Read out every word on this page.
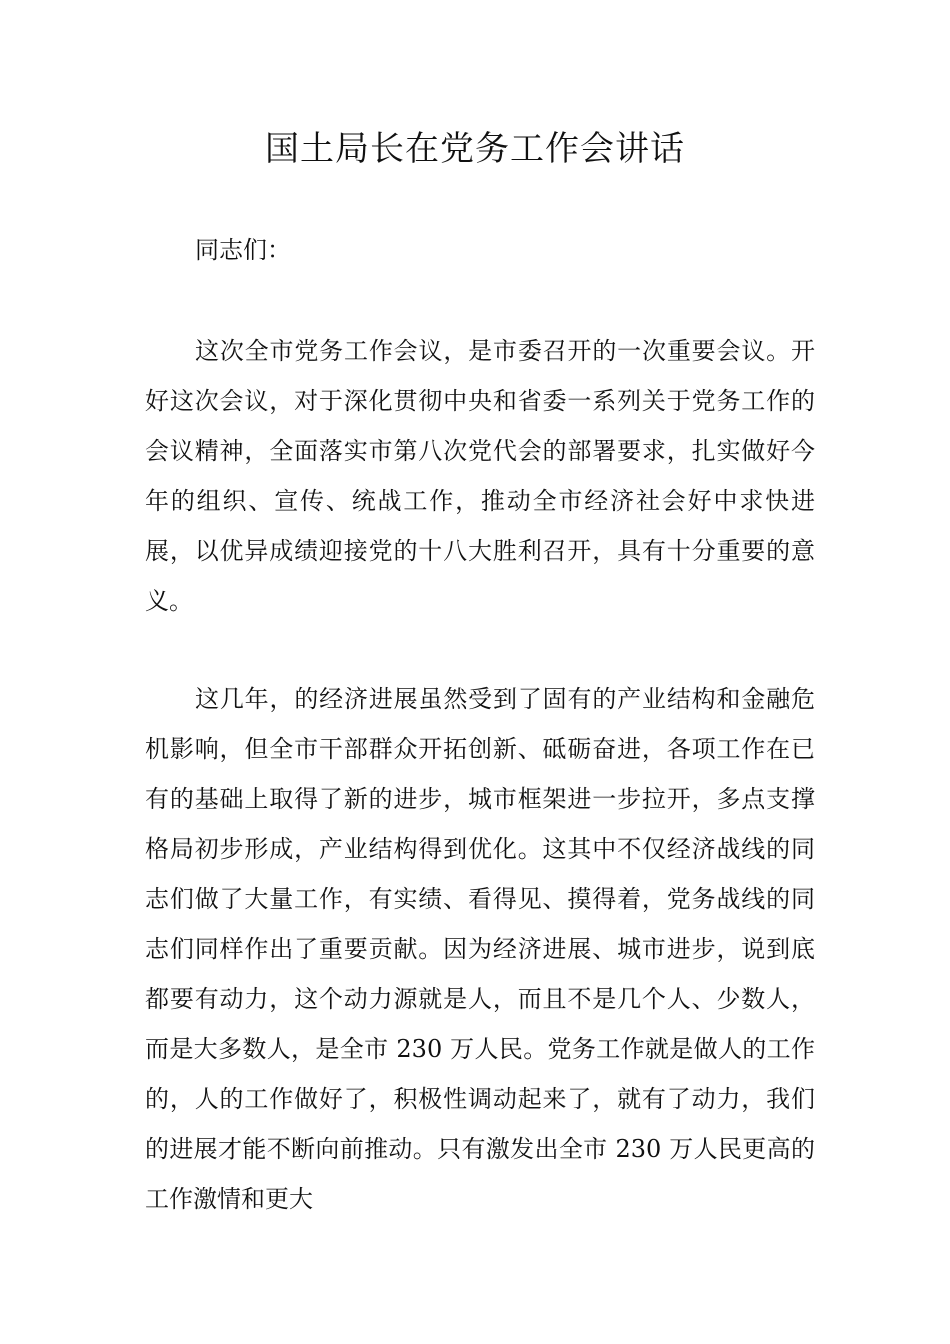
国土局长在党务工作会讲话
同志们：

这次全市党务工作会议，是市委召开的一次重要会议。开好这次会议，对于深化贯彻中央和省委一系列关于党务工作的会议精神，全面落实市第八次党代会的部署要求，扎实做好今年的组织、宣传、统战工作，推动全市经济社会好中求快进展，以优异成绩迎接党的十八大胜利召开，具有十分重要的意义。

这几年，的经济进展虽然受到了固有的产业结构和金融危机影响，但全市干部群众开拓创新、砥砺奋进，各项工作在已有的基础上取得了新的进步，城市框架进一步拉开，多点支撑格局初步形成，产业结构得到优化。这其中不仅经济战线的同志们做了大量工作，有实绩、看得见、摸得着，党务战线的同志们同样作出了重要贡献。因为经济进展、城市进步，说到底都要有动力，这个动力源就是人，而且不是几个人、少数人，而是大多数人，是全市 230 万人民。党务工作就是做人的工作的，人的工作做好了，积极性调动起来了，就有了动力，我们的进展才能不断向前推动。只有激发出全市 230 万人民更高的工作激情和更大
